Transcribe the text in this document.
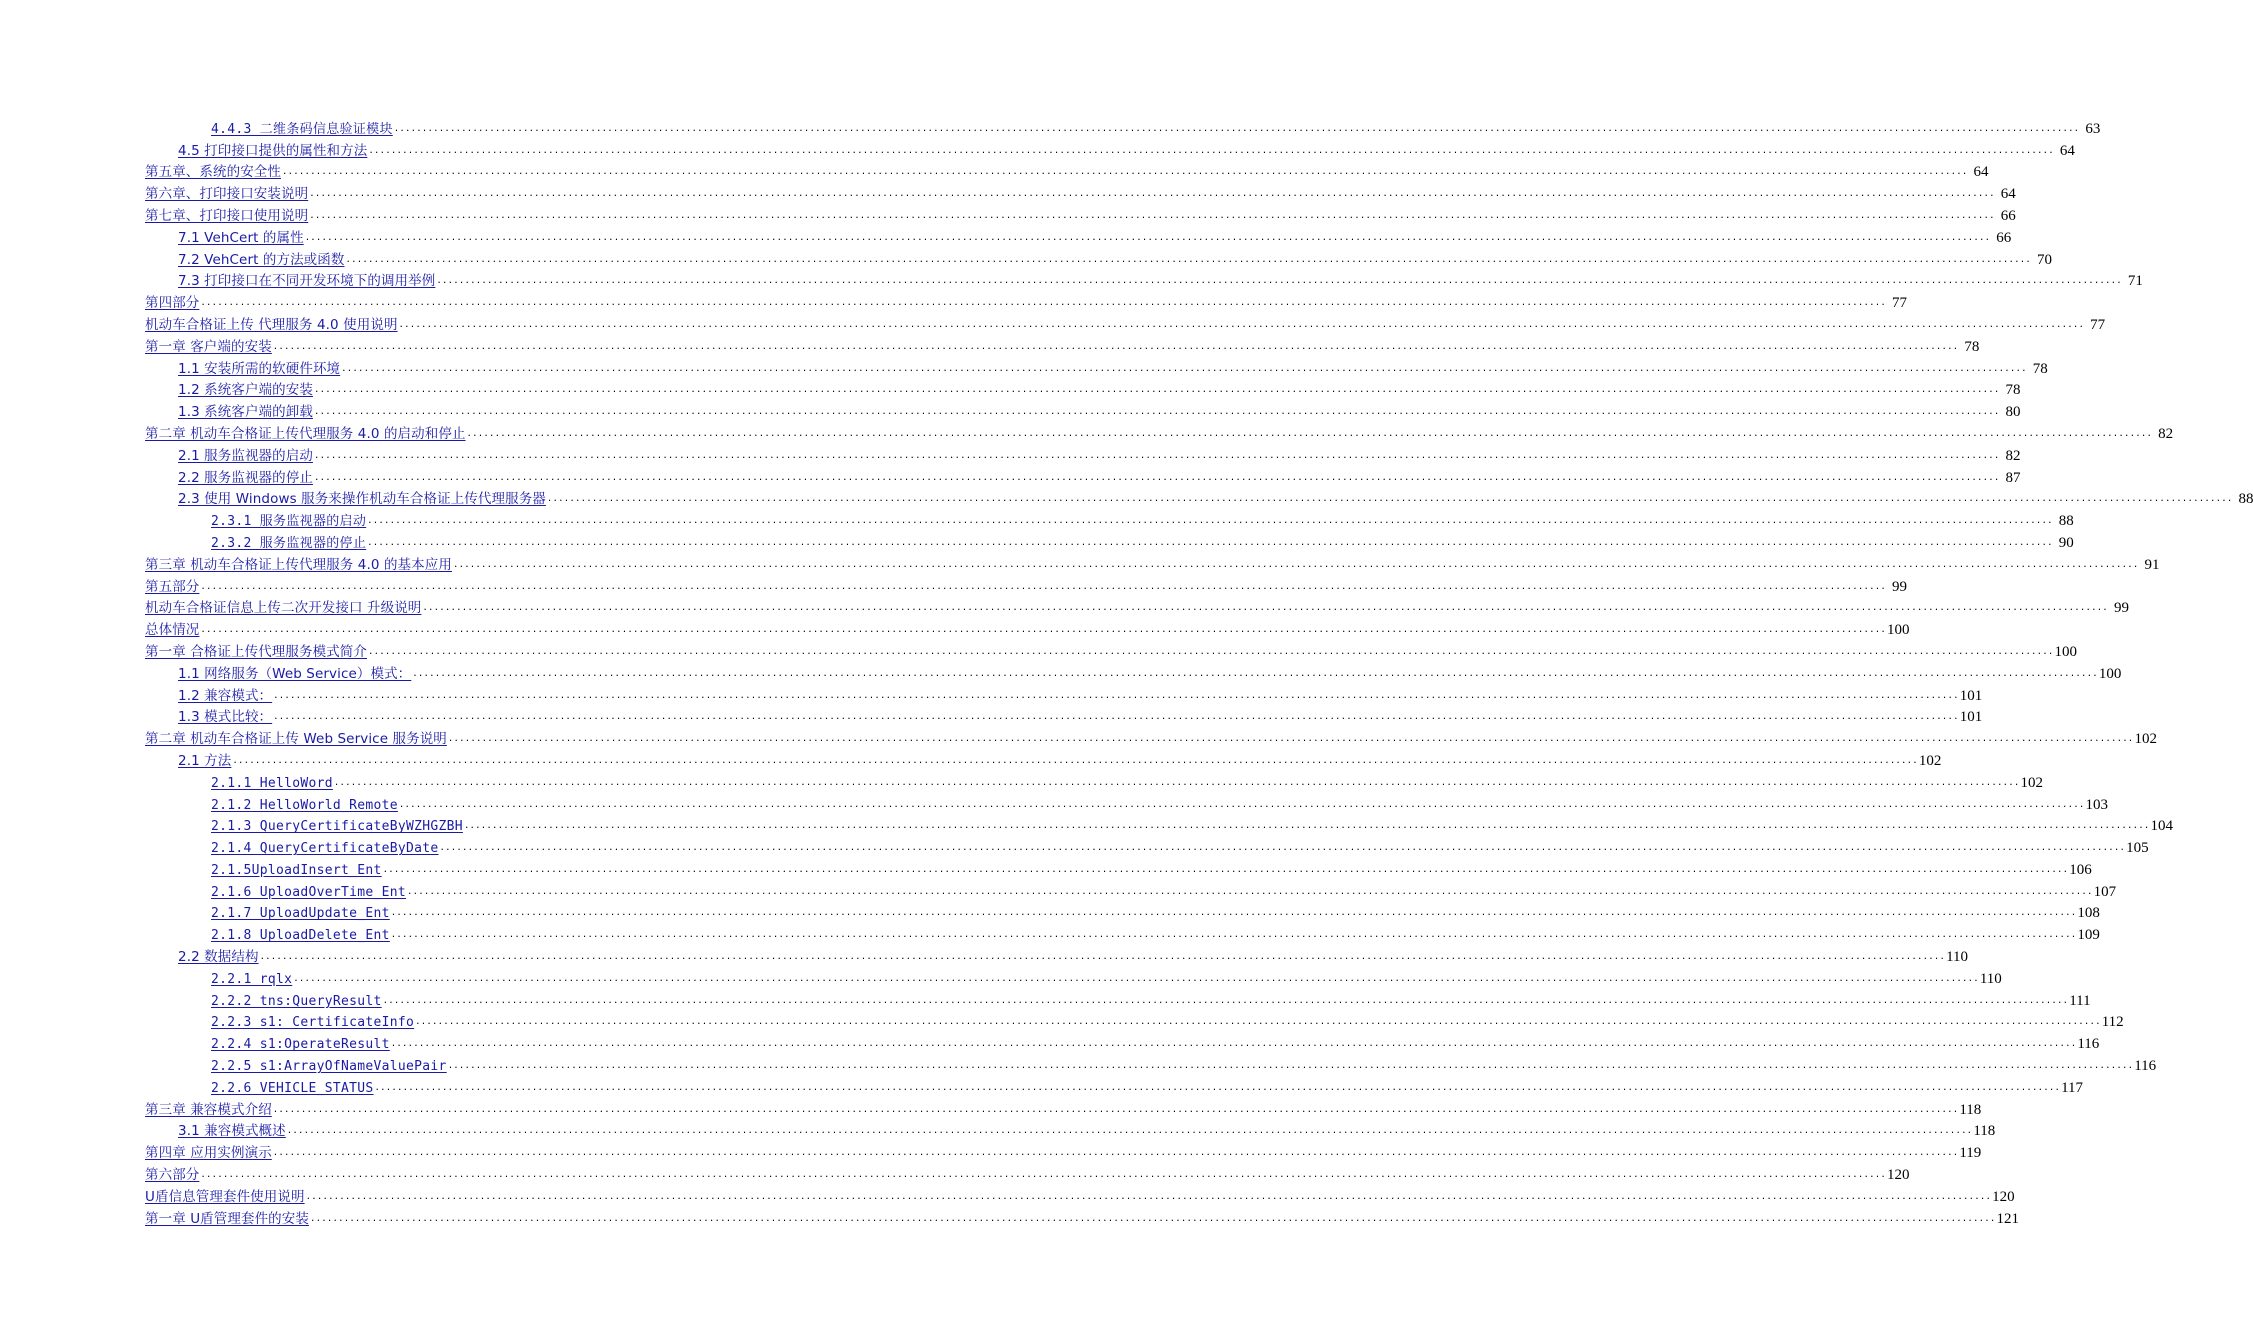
4.4.3 二维条码信息验证模块 ............................................................................................................................................................................................................................................................................................................ 63
4.5 打印接口提供的属性和方法 ............................................................................................................................................................................................................................................................................................................ 64
第五章、系统的安全性 ............................................................................................................................................................................................................................................................................................................ 64
第六章、打印接口安装说明 ............................................................................................................................................................................................................................................................................................................ 64
第七章、打印接口使用说明 ............................................................................................................................................................................................................................................................................................................ 66
7.1 VehCert 的属性 ............................................................................................................................................................................................................................................................................................................ 66
7.2 VehCert 的方法或函数 ............................................................................................................................................................................................................................................................................................................ 70
7.3 打印接口在不同开发环境下的调用举例 ............................................................................................................................................................................................................................................................................................................ 71
第四部分 ............................................................................................................................................................................................................................................................................................................ 77
机动车合格证上传 代理服务 4.0 使用说明 ............................................................................................................................................................................................................................................................................................................ 77
第一章 客户端的安装 ............................................................................................................................................................................................................................................................................................................ 78
1.1 安装所需的软硬件环境 ............................................................................................................................................................................................................................................................................................................ 78
1.2 系统客户端的安装 ............................................................................................................................................................................................................................................................................................................ 78
1.3 系统客户端的卸载 ............................................................................................................................................................................................................................................................................................................ 80
第二章 机动车合格证上传代理服务 4.0 的启动和停止 ............................................................................................................................................................................................................................................................................................................ 82
2.1 服务监视器的启动 ............................................................................................................................................................................................................................................................................................................ 82
2.2 服务监视器的停止 ............................................................................................................................................................................................................................................................................................................ 87
2.3 使用 Windows 服务来操作机动车合格证上传代理服务器 ............................................................................................................................................................................................................................................................................................................ 88
2.3.1 服务监视器的启动 ............................................................................................................................................................................................................................................................................................................ 88
2.3.2 服务监视器的停止 ............................................................................................................................................................................................................................................................................................................ 90
第三章 机动车合格证上传代理服务 4.0 的基本应用 ............................................................................................................................................................................................................................................................................................................ 91
第五部分 ............................................................................................................................................................................................................................................................................................................ 99
机动车合格证信息上传二次开发接口 升级说明 ............................................................................................................................................................................................................................................................................................................ 99
总体情况 ............................................................................................................................................................................................................................................................................................................ 100
第一章 合格证上传代理服务模式简介 ............................................................................................................................................................................................................................................................................................................ 100
1.1 网络服务（Web Service）模式： ............................................................................................................................................................................................................................................................................................................ 100
1.2 兼容模式： ............................................................................................................................................................................................................................................................................................................ 101
1.3 模式比较： ............................................................................................................................................................................................................................................................................................................ 101
第二章 机动车合格证上传 Web Service 服务说明 ............................................................................................................................................................................................................................................................................................................ 102
2.1 方法 ............................................................................................................................................................................................................................................................................................................ 102
2.1.1 HelloWord ............................................................................................................................................................................................................................................................................................................ 102
2.1.2 HelloWorld_Remote ............................................................................................................................................................................................................................................................................................................ 103
2.1.3 QueryCertificateByWZHGZBH ............................................................................................................................................................................................................................................................................................................ 104
2.1.4 QueryCertificateByDate ............................................................................................................................................................................................................................................................................................................ 105
2.1.5UploadInsert_Ent ............................................................................................................................................................................................................................................................................................................ 106
2.1.6 UploadOverTime_Ent ............................................................................................................................................................................................................................................................................................................ 107
2.1.7 UploadUpdate_Ent ............................................................................................................................................................................................................................................................................................................ 108
2.1.8 UploadDelete_Ent ............................................................................................................................................................................................................................................................................................................ 109
2.2 数据结构 ............................................................................................................................................................................................................................................................................................................ 110
2.2.1 rqlx ............................................................................................................................................................................................................................................................................................................ 110
2.2.2 tns:QueryResult ............................................................................................................................................................................................................................................................................................................ 111
2.2.3 s1: CertificateInfo ............................................................................................................................................................................................................................................................................................................ 112
2.2.4 s1:OperateResult ............................................................................................................................................................................................................................................................................................................ 116
2.2.5 s1:ArrayOfNameValuePair ............................................................................................................................................................................................................................................................................................................ 116
2.2.6 VEHICLE_STATUS ............................................................................................................................................................................................................................................................................................................ 117
第三章 兼容模式介绍 ............................................................................................................................................................................................................................................................................................................ 118
3.1 兼容模式概述 ............................................................................................................................................................................................................................................................................................................ 118
第四章 应用实例演示 ............................................................................................................................................................................................................................................................................................................ 119
第六部分 ............................................................................................................................................................................................................................................................................................................ 120
U盾信息管理套件使用说明 ............................................................................................................................................................................................................................................................................................................ 120
第一章 U盾管理套件的安装 ............................................................................................................................................................................................................................................................................................................ 121
